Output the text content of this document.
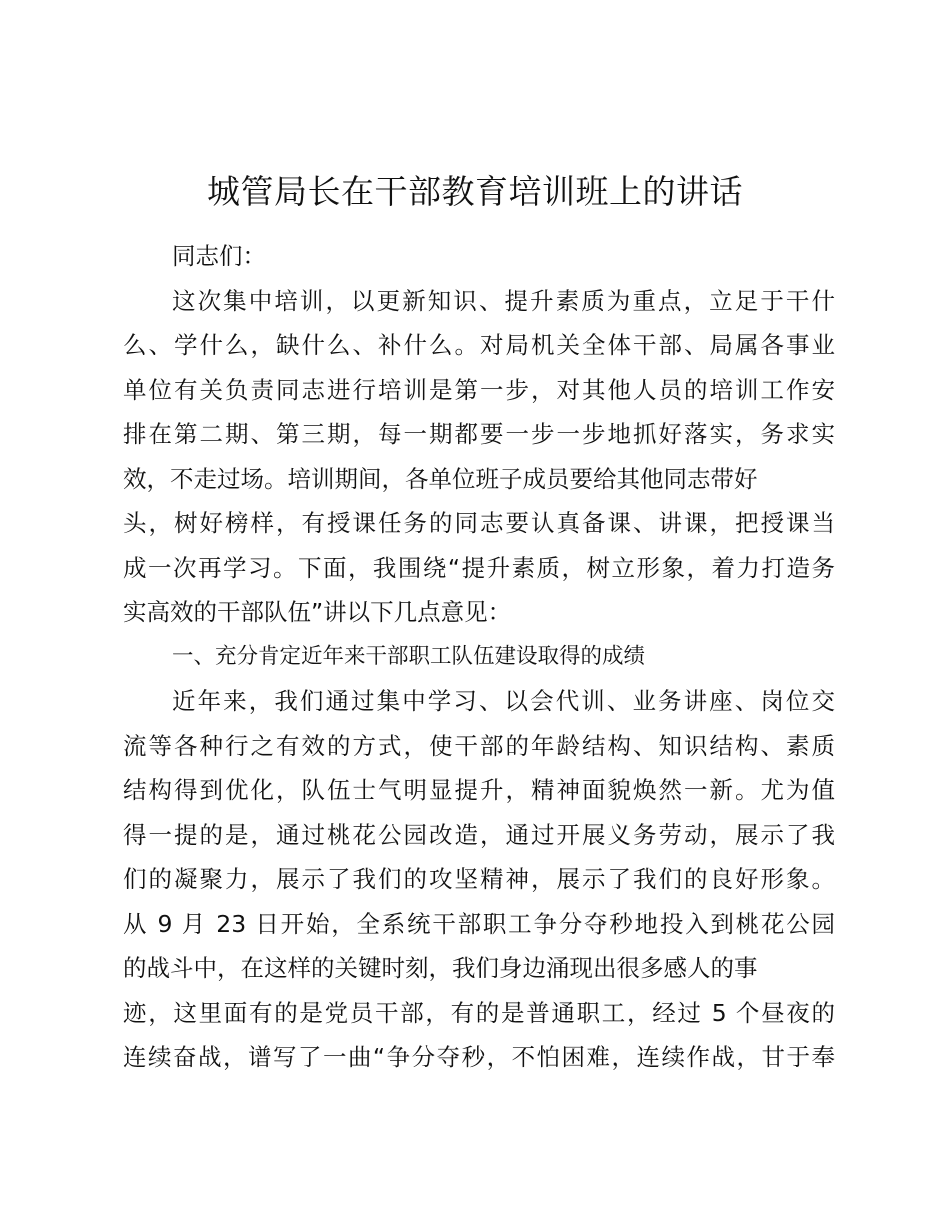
城管局长在干部教育培训班上的讲话
同志们：
这次集中培训，以更新知识、提升素质为重点，立足于干什
么、学什么，缺什么、补什么。对局机关全体干部、局属各事业
单位有关负责同志进行培训是第一步，对其他人员的培训工作安
排在第二期、第三期，每一期都要一步一步地抓好落实，务求实
效，不走过场。培训期间，各单位班子成员要给其他同志带好
头，树好榜样，有授课任务的同志要认真备课、讲课，把授课当
成一次再学习。下面，我围绕“提升素质，树立形象，着力打造务
实高效的干部队伍”讲以下几点意见：
一、充分肯定近年来干部职工队伍建设取得的成绩
近年来，我们通过集中学习、以会代训、业务讲座、岗位交
流等各种行之有效的方式，使干部的年龄结构、知识结构、素质
结构得到优化，队伍士气明显提升，精神面貌焕然一新。尤为值
得一提的是，通过桃花公园改造，通过开展义务劳动，展示了我
们的凝聚力，展示了我们的攻坚精神，展示了我们的良好形象。
从 9 月 23 日开始，全系统干部职工争分夺秒地投入到桃花公园
的战斗中，在这样的关键时刻，我们身边涌现出很多感人的事
迹，这里面有的是党员干部，有的是普通职工，经过 5 个昼夜的
连续奋战，谱写了一曲“争分夺秒，不怕困难，连续作战，甘于奉
